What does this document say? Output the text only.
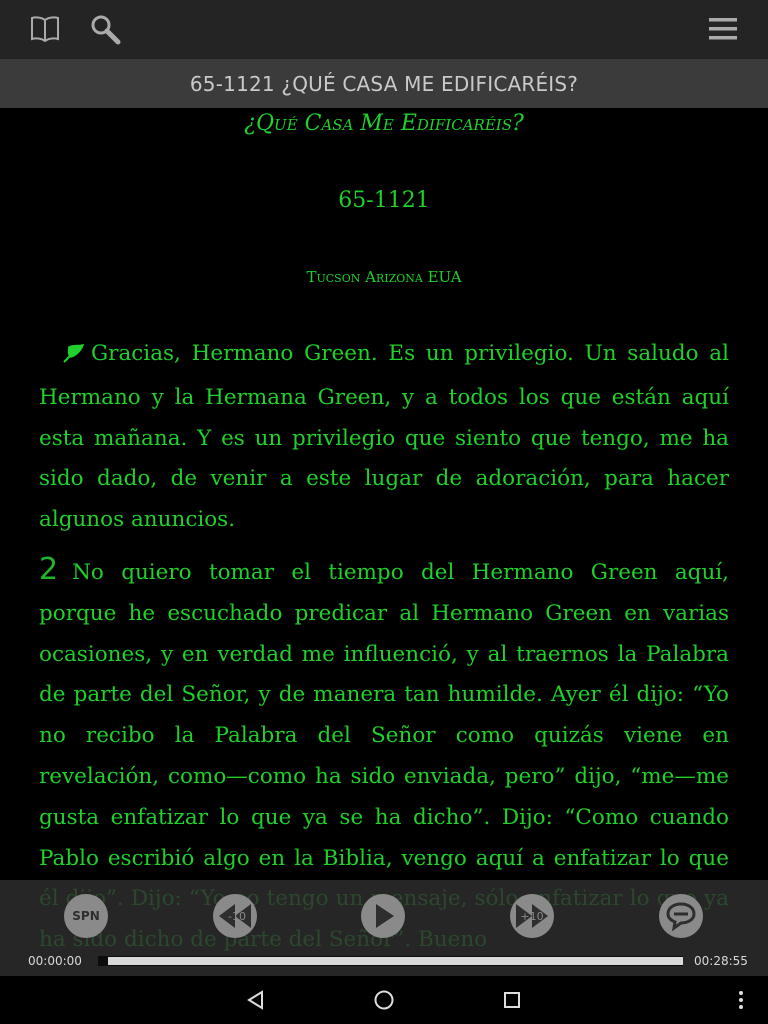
65-1121 ¿QUÉ CASA ME EDIFICARÉIS?
¿Qué Casa Me Edificaréis?
65-1121
Tucson Arizona EUA

Gracias, Hermano Green. Es un privilegio. Un saludo al Hermano y la Hermana Green, y a todos los que están aquí esta mañana. Y es un privilegio que siento que tengo, me ha sido dado, de venir a este lugar de adoración, para hacer algunos anuncios.

2 No quiero tomar el tiempo del Hermano Green aquí, porque he escuchado predicar al Hermano Green en varias ocasiones, y en verdad me influenció, y al traernos la Palabra de parte del Señor, y de manera tan humilde. Ayer él dijo: “Yo no recibo la Palabra del Señor como quizás viene en revelación, como—como ha sido enviada, pero” dijo, “me—me gusta enfatizar lo que ya se ha dicho”. Dijo: “Como cuando Pablo escribió algo en la Biblia, vengo aquí a enfatizar lo que

SPN	-10	+10
00:00:00	00:28:55
